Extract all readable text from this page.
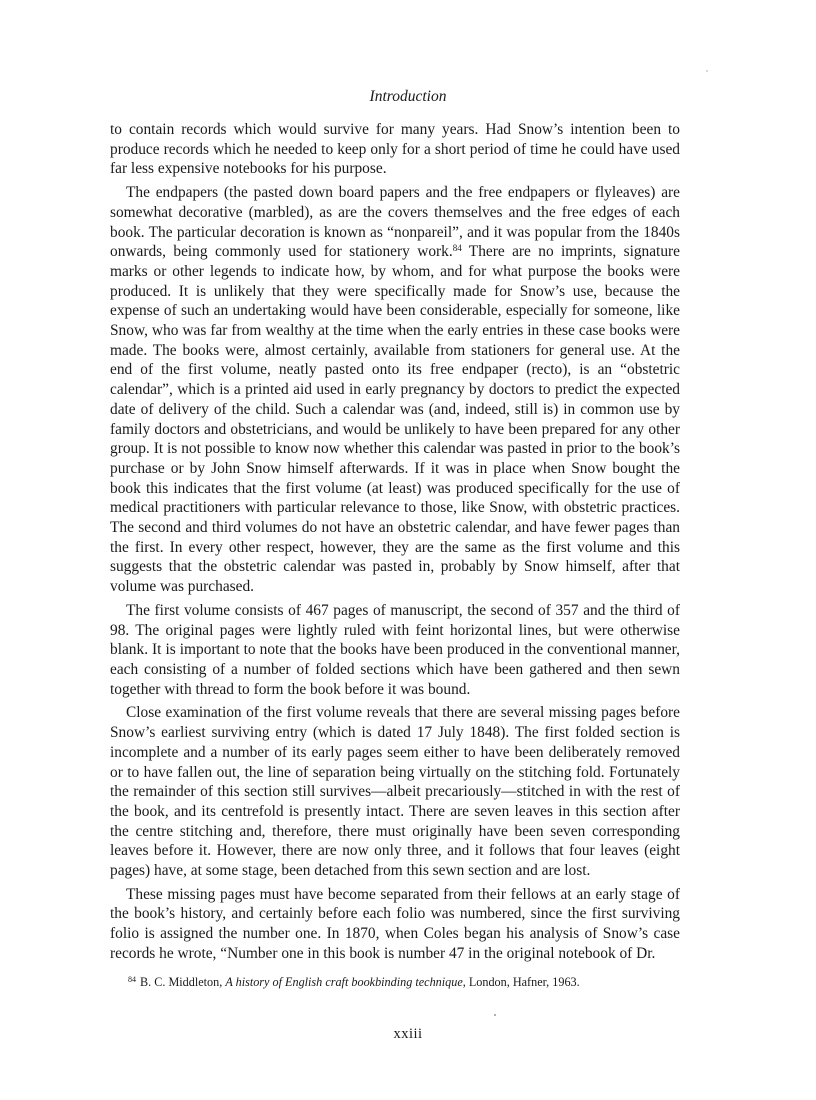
Introduction

to contain records which would survive for many years. Had Snow’s intention been to produce records which he needed to keep only for a short period of time he could have used far less expensive notebooks for his purpose.

The endpapers (the pasted down board papers and the free endpapers or flyleaves) are somewhat decorative (marbled), as are the covers themselves and the free edges of each book. The particular decoration is known as “nonpareil”, and it was popular from the 1840s onwards, being commonly used for stationery work.$^{84}$ There are no imprints, signature marks or other legends to indicate how, by whom, and for what purpose the books were produced. It is unlikely that they were specifically made for Snow’s use, because the expense of such an undertaking would have been considerable, especially for someone, like Snow, who was far from wealthy at the time when the early entries in these case books were made. The books were, almost certainly, available from stationers for general use. At the end of the first volume, neatly pasted onto its free endpaper (recto), is an “obstetric calendar”, which is a printed aid used in early pregnancy by doctors to predict the expected date of delivery of the child. Such a calendar was (and, indeed, still is) in common use by family doctors and obstetricians, and would be unlikely to have been prepared for any other group. It is not possible to know now whether this calendar was pasted in prior to the book’s purchase or by John Snow himself afterwards. If it was in place when Snow bought the book this indicates that the first volume (at least) was produced specifically for the use of medical practitioners with particular relevance to those, like Snow, with obstetric practices. The second and third volumes do not have an obstetric calendar, and have fewer pages than the first. In every other respect, however, they are the same as the first volume and this suggests that the obstetric calendar was pasted in, probably by Snow himself, after that volume was purchased.

The first volume consists of 467 pages of manuscript, the second of 357 and the third of 98. The original pages were lightly ruled with feint horizontal lines, but were otherwise blank. It is important to note that the books have been produced in the conventional manner, each consisting of a number of folded sections which have been gathered and then sewn together with thread to form the book before it was bound.

Close examination of the first volume reveals that there are several missing pages before Snow’s earliest surviving entry (which is dated 17 July 1848). The first folded section is incomplete and a number of its early pages seem either to have been deliberately removed or to have fallen out, the line of separation being virtually on the stitching fold. Fortunately the remainder of this section still survives—albeit precariously—stitched in with the rest of the book, and its centrefold is presently intact. There are seven leaves in this section after the centre stitching and, therefore, there must originally have been seven corresponding leaves before it. However, there are now only three, and it follows that four leaves (eight pages) have, at some stage, been detached from this sewn section and are lost.

These missing pages must have become separated from their fellows at an early stage of the book’s history, and certainly before each folio was numbered, since the first surviving folio is assigned the number one. In 1870, when Coles began his analysis of Snow’s case records he wrote, “Number one in this book is number 47 in the original notebook of Dr.

$^{84}$ B. C. Middleton, A history of English craft bookbinding technique, London, Hafner, 1963.
xxiii
